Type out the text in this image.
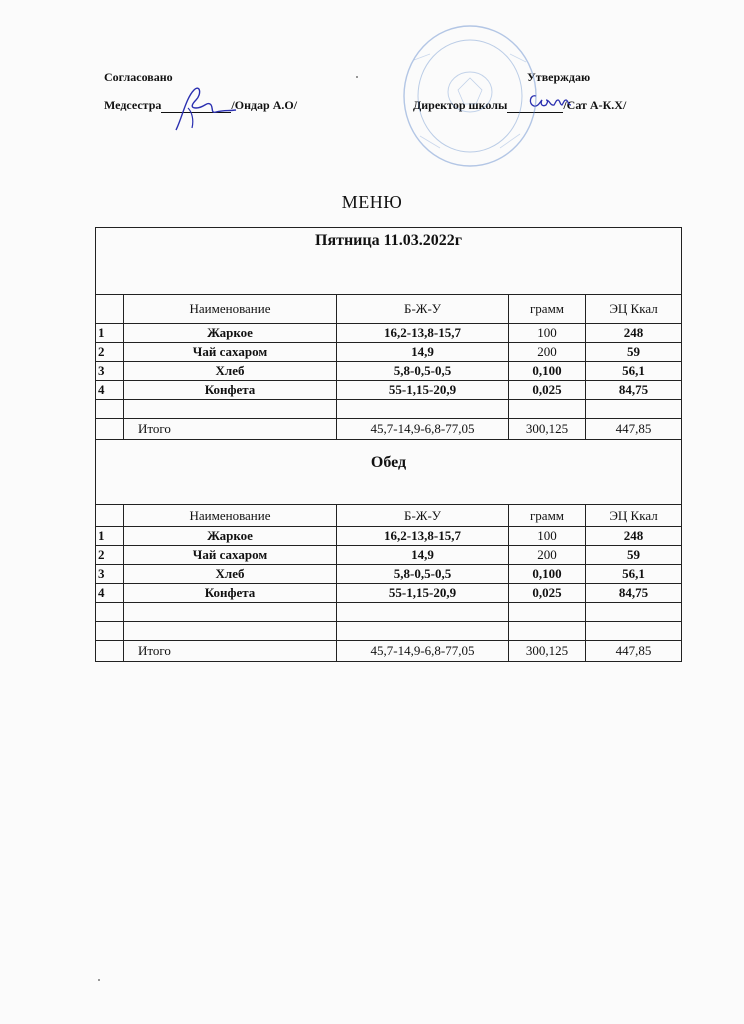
Согласовано	Утверждаю
Медсестра	/Ондар А.О/	Директор школы	/Сат А-К.Х/
МЕНЮ
Пятница 11.03.2022г				
	Наименование	Б-Ж-У	грамм	ЭЦ Ккал
1	Жаркое	16,2-13,8-15,7	100	248
2	Чай сахаром	14,9	200	59
3	Хлеб	5,8-0,5-0,5	0,100	56,1
4	Конфета	55-1,15-20,9	0,025	84,75

	Итого	45,7-14,9-6,8-77,05	300,125	447,85
Обед				
	Наименование	Б-Ж-У	грамм	ЭЦ Ккал
1	Жаркое	16,2-13,8-15,7	100	248
2	Чай сахаром	14,9	200	59
3	Хлеб	5,8-0,5-0,5	0,100	56,1
4	Конфета	55-1,15-20,9	0,025	84,75

	Итого	45,7-14,9-6,8-77,05	300,125	447,85
